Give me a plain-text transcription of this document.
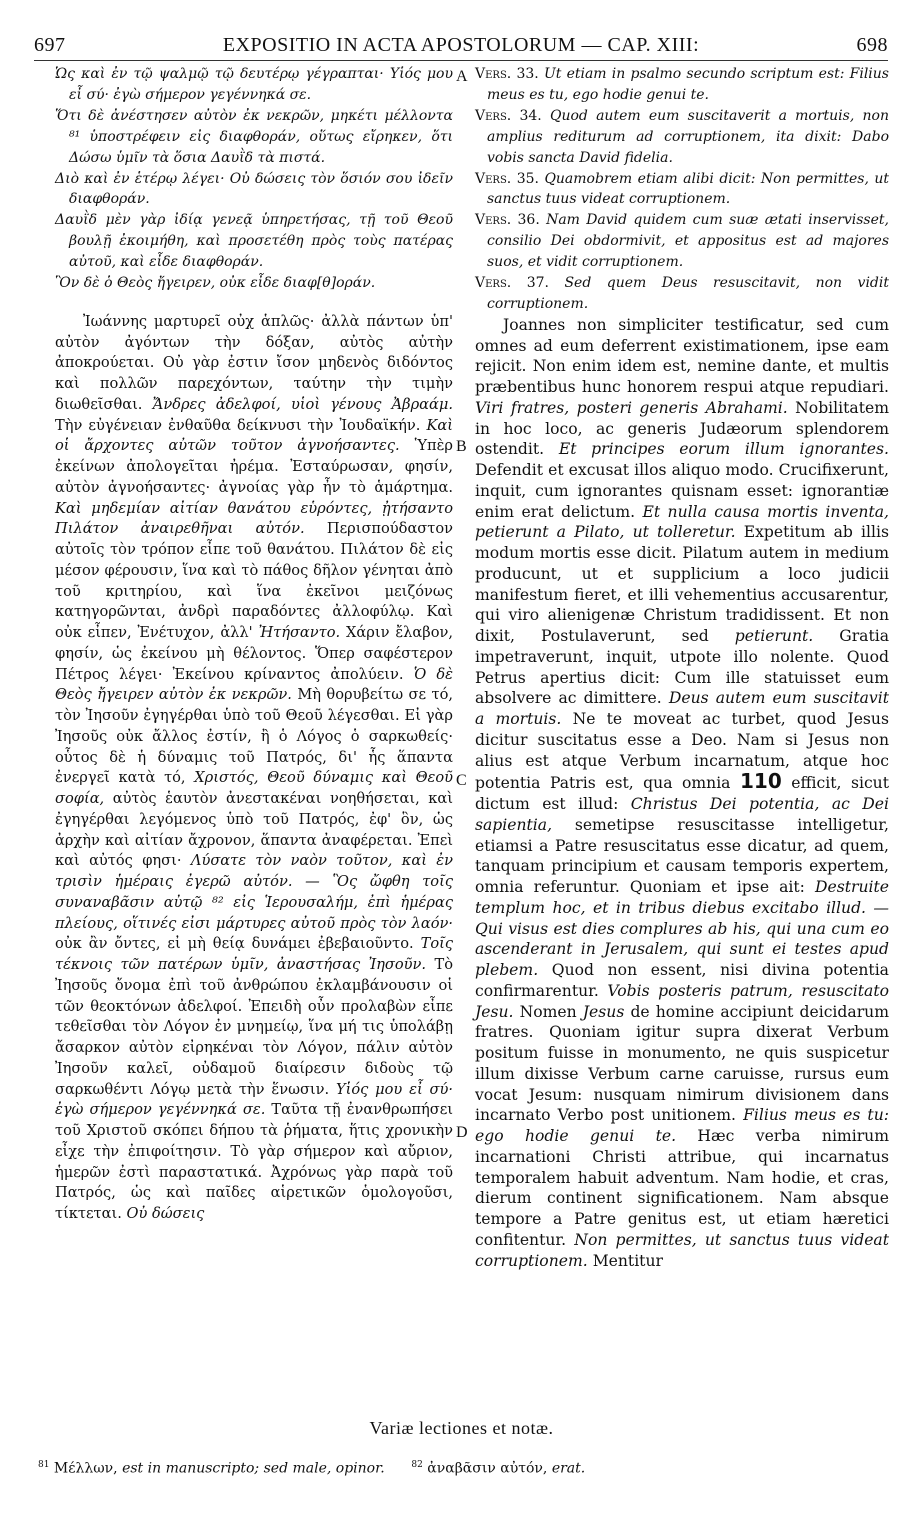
697	EXPOSITIO IN ACTA APOSTOLORUM — CAP. XIII:	698
A
B
C
D
Ὡς καὶ ἐν τῷ ψαλμῷ τῷ δευτέρῳ γέγραπται· Υἱός μου εἶ σύ· ἐγὼ σήμερον γεγέννηκά σε.
Ὅτι δὲ ἀνέστησεν αὐτὸν ἐκ νεκρῶν, μηκέτι μέλλοντα ⁸¹ ὑποστρέφειν εἰς διαφθοράν, οὕτως εἴρηκεν, ὅτι Δώσω ὑμῖν τὰ ὅσια Δαυῒδ τὰ πιστά.
Διὸ καὶ ἐν ἑτέρῳ λέγει· Οὐ δώσεις τὸν ὅσιόν σου ἰδεῖν διαφθοράν.
Δαυῒδ μὲν γὰρ ἰδίᾳ γενεᾷ ὑπηρετήσας, τῇ τοῦ Θεοῦ βουλῇ ἐκοιμήθη, καὶ προσετέθη πρὸς τοὺς πατέρας αὐτοῦ, καὶ εἶδε διαφθοράν.
Ὃν δὲ ὁ Θεὸς ἤγειρεν, οὐκ εἶδε διαφ[θ]οράν.
Ἰωάννης μαρτυρεῖ οὐχ ἁπλῶς· ἀλλὰ πάντων ὑπ' αὐτὸν ἀγόντων τὴν δόξαν, αὐτὸς αὐτὴν ἀποκρούεται. Οὐ γὰρ ἐστιν ἴσον μηδενὸς διδόντος καὶ πολλῶν παρεχόντων, ταύτην τὴν τιμὴν διωθεῖσθαι. Ἄνδρες ἀδελφοί, υἱοὶ γένους Ἀβραάμ. Τὴν εὐγένειαν ἐνθαῦθα δείκνυσι τὴν Ἰουδαϊκήν. Καὶ οἱ ἄρχοντες αὐτῶν τοῦτον ἀγνοήσαντες. Ὑπὲρ ἐκείνων ἀπολογεῖται ἠρέμα. Ἐσταύρωσαν, φησίν, αὐτὸν ἀγνοήσαντες· ἀγνοίας γὰρ ἦν τὸ ἁμάρτημα. Καὶ μηδεμίαν αἰτίαν θανάτου εὑρόντες, ᾐτήσαντο Πιλάτον ἀναιρεθῆναι αὐτόν. Περισπούδαστον αὐτοῖς τὸν τρόπον εἶπε τοῦ θανάτου. Πιλάτον δὲ εἰς μέσον φέρουσιν, ἵνα καὶ τὸ πάθος δῆλον γένηται ἀπὸ τοῦ κριτηρίου, καὶ ἵνα ἐκεῖνοι μειζόνως κατηγορῶνται, ἀνδρὶ παραδόντες ἀλλοφύλῳ. Καὶ οὐκ εἶπεν, Ἐνέτυχον, ἀλλ' Ἠτήσαντο. Χάριν ἔλαβον, φησίν, ὡς ἐκείνου μὴ θέλοντος. Ὅπερ σαφέστερον Πέτρος λέγει· Ἐκείνου κρίναντος ἀπολύειν. Ὁ δὲ Θεὸς ἤγειρεν αὐτὸν ἐκ νεκρῶν. Μὴ θορυβείτω σε τό, τὸν Ἰησοῦν ἐγηγέρθαι ὑπὸ τοῦ Θεοῦ λέγεσθαι. Εἰ γὰρ Ἰησοῦς οὐκ ἄλλος ἐστίν, ἢ ὁ Λόγος ὁ σαρκωθείς· οὗτος δὲ ἡ δύναμις τοῦ Πατρός, δι' ἧς ἅπαντα ἐνεργεῖ κατὰ τό, Χριστός, Θεοῦ δύναμις καὶ Θεοῦ σοφία, αὐτὸς ἑαυτὸν ἀνεστακέναι νοηθήσεται, καὶ ἐγηγέρθαι λεγόμενος ὑπὸ τοῦ Πατρός, ἐφ' ὃν, ὡς ἀρχὴν καὶ αἰτίαν ἄχρονον, ἅπαντα ἀναφέρεται. Ἐπεὶ καὶ αὐτός φησι· Λύσατε τὸν ναὸν τοῦτον, καὶ ἐν τρισὶν ἡμέραις ἐγερῶ αὐτόν. — Ὃς ὤφθη τοῖς συναναβᾶσιν αὐτῷ ⁸² εἰς Ἱερουσαλήμ, ἐπὶ ἡμέρας πλείους, οἵτινές εἰσι μάρτυρες αὐτοῦ πρὸς τὸν λαόν· οὐκ ἂν ὄντες, εἰ μὴ θείᾳ δυνάμει ἐβεβαιοῦντο. Τοῖς τέκνοις τῶν πατέρων ὑμῖν, ἀναστήσας Ἰησοῦν. Τὸ Ἰησοῦς ὄνομα ἐπὶ τοῦ ἀνθρώπου ἐκλαμβάνουσιν οἱ τῶν θεοκτόνων ἀδελφοί. Ἐπειδὴ οὖν προλαβὼν εἶπε τεθεῖσθαι τὸν Λόγον ἐν μνημείῳ, ἵνα μή τις ὑπολάβῃ ἄσαρκον αὐτὸν εἰρηκέναι τὸν Λόγον, πάλιν αὐτὸν Ἰησοῦν καλεῖ, οὐδαμοῦ διαίρεσιν διδοὺς τῷ σαρκωθέντι Λόγῳ μετὰ τὴν ἕνωσιν. Υἱός μου εἶ σύ· ἐγὼ σήμερον γεγέννηκά σε. Ταῦτα τῇ ἐνανθρωπήσει τοῦ Χριστοῦ σκόπει δήπου τὰ ῥήματα, ἥτις χρονικὴν εἶχε τὴν ἐπιφοίτησιν. Τὸ γὰρ σήμερον καὶ αὔριον, ἡμερῶν ἐστὶ παραστατικά. Ἀχρόνως γὰρ παρὰ τοῦ Πατρός, ὡς καὶ παῖδες αἱρετικῶν ὁμολογοῦσι, τίκτεται. Οὐ δώσεις
Vers. 33. Ut etiam in psalmo secundo scriptum est: Filius meus es tu, ego hodie genui te.
Vers. 34. Quod autem eum suscitaverit a mortuis, non amplius rediturum ad corruptionem, ita dixit: Dabo vobis sancta David fidelia.
Vers. 35. Quamobrem etiam alibi dicit: Non permittes, ut sanctus tuus videat corruptionem.
Vers. 36. Nam David quidem cum suæ ætati inservisset, consilio Dei obdormivit, et appositus est ad majores suos, et vidit corruptionem.
Vers. 37. Sed quem Deus resuscitavit, non vidit corruptionem.
Joannes non simpliciter testificatur, sed cum omnes ad eum deferrent existimationem, ipse eam rejicit. Non enim idem est, nemine dante, et multis præbentibus hunc honorem respui atque repudiari. Viri fratres, posteri generis Abrahami. Nobilitatem in hoc loco, ac generis Judæorum splendorem ostendit. Et principes eorum illum ignorantes. Defendit et excusat illos aliquo modo. Crucifixerunt, inquit, cum ignorantes quisnam esset: ignorantiæ enim erat delictum. Et nulla causa mortis inventa, petierunt a Pilato, ut tolleretur. Expetitum ab illis modum mortis esse dicit. Pilatum autem in medium producunt, ut et supplicium a loco judicii manifestum fieret, et illi vehementius accusarentur, qui viro alienigenæ Christum tradidissent. Et non dixit, Postulaverunt, sed petierunt. Gratia impetraverunt, inquit, utpote illo nolente. Quod Petrus apertius dicit: Cum ille statuisset eum absolvere ac dimittere. Deus autem eum suscitavit a mortuis. Ne te moveat ac turbet, quod Jesus dicitur suscitatus esse a Deo. Nam si Jesus non alius est atque Verbum incarnatum, atque hoc potentia Patris est, qua omnia 110 efficit, sicut dictum est illud: Christus Dei potentia, ac Dei sapientia, semetipse resuscitasse intelligetur, etiamsi a Patre resuscitatus esse dicatur, ad quem, tanquam principium et causam temporis expertem, omnia referuntur. Quoniam et ipse ait: Destruite templum hoc, et in tribus diebus excitabo illud. — Qui visus est dies complures ab his, qui una cum eo ascenderant in Jerusalem, qui sunt ei testes apud plebem. Quod non essent, nisi divina potentia confirmarentur. Vobis posteris patrum, resuscitato Jesu. Nomen Jesus de homine accipiunt deicidarum fratres. Quoniam igitur supra dixerat Verbum positum fuisse in monumento, ne quis suspicetur illum dixisse Verbum carne caruisse, rursus eum vocat Jesum: nusquam nimirum divisionem dans incarnato Verbo post unitionem. Filius meus es tu: ego hodie genui te. Hæc verba nimirum incarnationi Christi attribue, qui incarnatus temporalem habuit adventum. Nam hodie, et cras, dierum continent significationem. Nam absque tempore a Patre genitus est, ut etiam hæretici confitentur. Non permittes, ut sanctus tuus videat corruptionem. Mentitur
Variæ lectiones et notæ.
$^{81}$ Μέλλων, est in manuscripto; sed male, opinor.	$^{82}$ ἀναβᾶσιν αὐτόν, erat.
